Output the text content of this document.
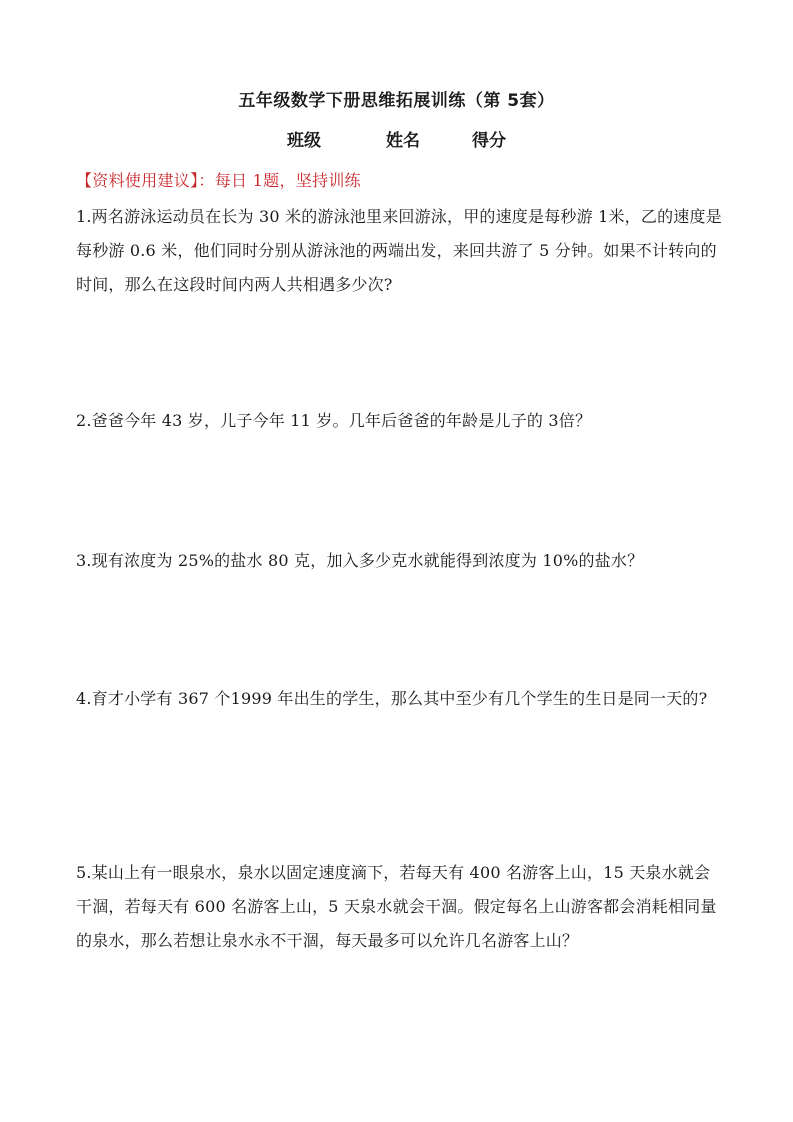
五年级数学下册思维拓展训练（第 5套）
班级	姓名	得分
【资料使用建议】：每日 1题，坚持训练

1.两名游泳运动员在长为 30 米的游泳池里来回游泳，甲的速度是每秒游 1米，乙的速度是每秒游 0.6 米，他们同时分别从游泳池的两端出发，来回共游了 5 分钟。如果不计转向的时间，那么在这段时间内两人共相遇多少次?

2.爸爸今年 43 岁，儿子今年 11 岁。几年后爸爸的年龄是儿子的 3倍？

3.现有浓度为 25%的盐水 80 克，加入多少克水就能得到浓度为 10%的盐水？

4.育才小学有 367 个1999 年出生的学生，那么其中至少有几个学生的生日是同一天的?

5.某山上有一眼泉水，泉水以固定速度滴下，若每天有 400 名游客上山，15 天泉水就会干涸，若每天有 600 名游客上山，5 天泉水就会干涸。假定每名上山游客都会消耗相同量的泉水，那么若想让泉水永不干涸，每天最多可以允许几名游客上山？
